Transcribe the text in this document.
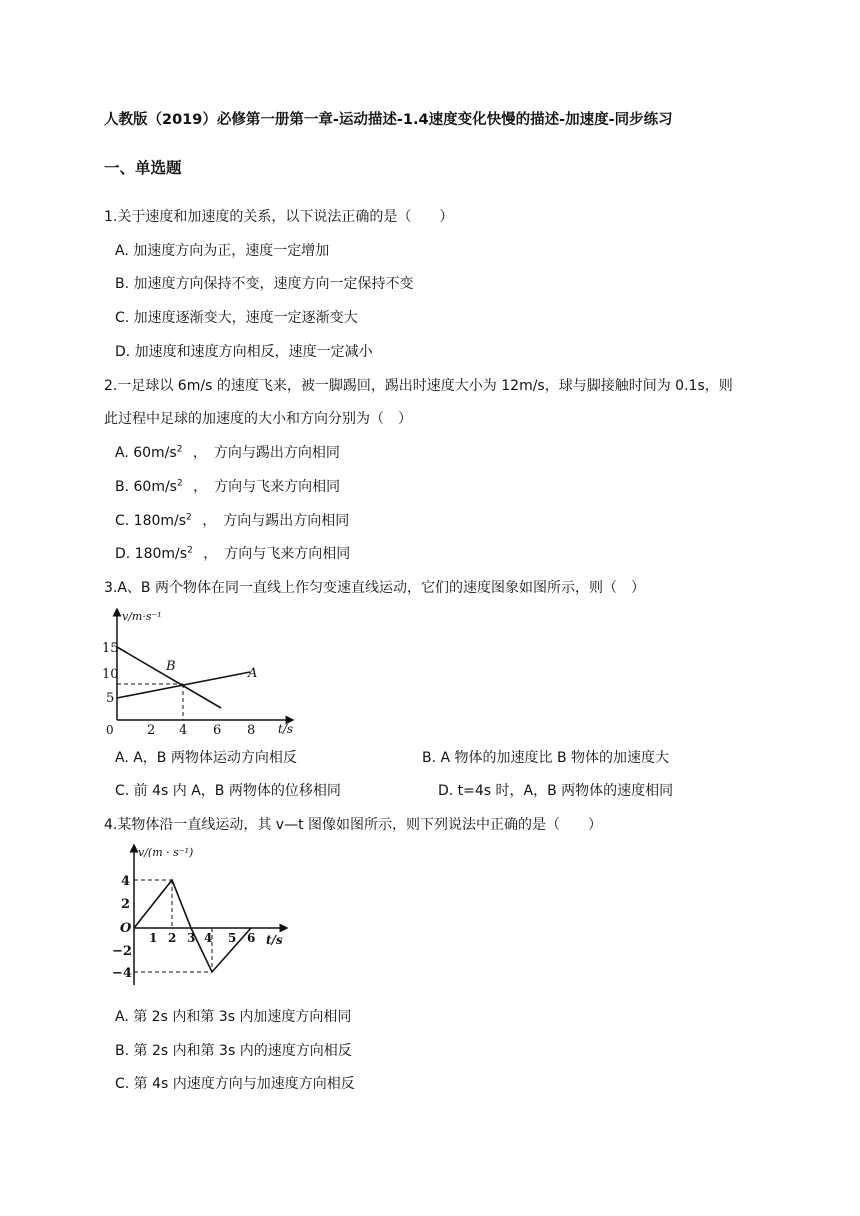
人教版（2019）必修第一册第一章-运动描述-1.4速度变化快慢的描述-加速度-同步练习
一、单选题
1.关于速度和加速度的关系，以下说法正确的是（　　）
A. 加速度方向为正，速度一定增加
B. 加速度方向保持不变，速度方向一定保持不变
C. 加速度逐渐变大，速度一定逐渐变大
D. 加速度和速度方向相反，速度一定减小
2.一足球以 6m/s 的速度飞来，被一脚踢回，踢出时速度大小为 12m/s，球与脚接触时间为 0.1s，则
此过程中足球的加速度的大小和方向分别为（　）
A. $60m/s^2$ ，　方向与踢出方向相同
B. $60m/s^2$ ，　方向与飞来方向相同
C. $180m/s^2$ ，　方向与踢出方向相同
D. $180m/s^2$ ，　方向与飞来方向相同
3.A、B 两个物体在同一直线上作匀变速直线运动，它们的速度图象如图所示，则（　）
v/m·s⁻¹
15
10
5
0	2 4 6 8 t/s
B	A
A. A，B 两物体运动方向相反	B. A 物体的加速度比 B 物体的加速度大
C. 前 4s 内 A，B 两物体的位移相同	D. t=4s 时，A，B 两物体的速度相同
4.某物体沿一直线运动，其 v—t 图像如图所示，则下列说法中正确的是（　　）
v/(m · s⁻¹)
4
2
−2
−4
O
1 2 3 4 5 6 t/s
A. 第 2s 内和第 3s 内加速度方向相同
B. 第 2s 内和第 3s 内的速度方向相反
C. 第 4s 内速度方向与加速度方向相反
